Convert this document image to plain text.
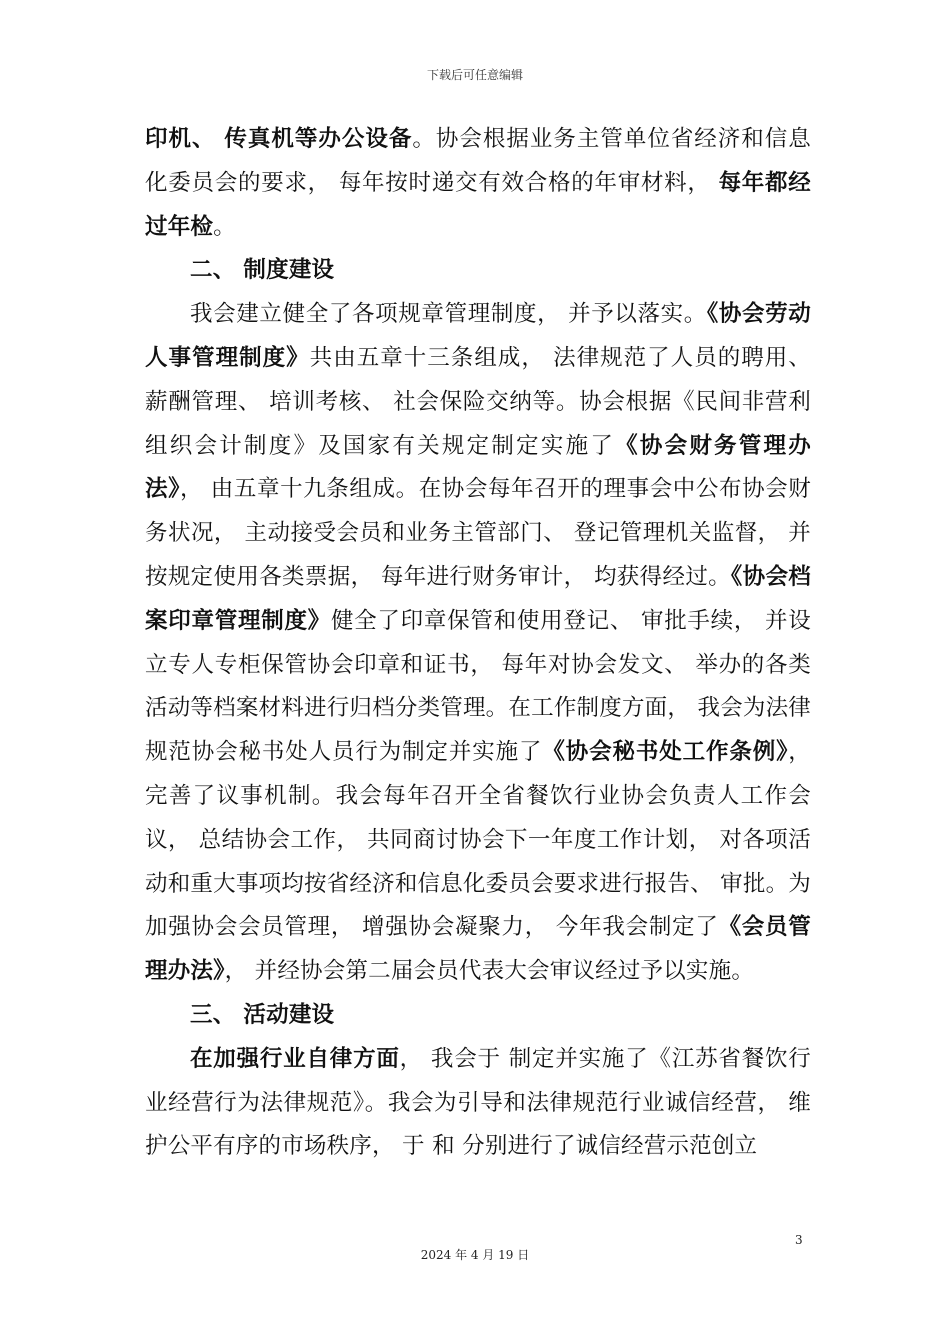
下载后可任意编辑

印机、 传真机等办公设备。协会根据业务主管单位省经济和信息化委员会的要求， 每年按时递交有效合格的年审材料， 每年都经过年检。

二、 制度建设

我会建立健全了各项规章管理制度， 并予以落实。《协会劳动人事管理制度》共由五章十三条组成， 法律规范了人员的聘用、 薪酬管理、 培训考核、 社会保险交纳等。协会根据《民间非营利组织会计制度》及国家有关规定制定实施了《协会财务管理办法》， 由五章十九条组成。在协会每年召开的理事会中公布协会财务状况， 主动接受会员和业务主管部门、 登记管理机关监督， 并按规定使用各类票据， 每年进行财务审计， 均获得经过。《协会档案印章管理制度》健全了印章保管和使用登记、 审批手续， 并设立专人专柜保管协会印章和证书， 每年对协会发文、 举办的各类活动等档案材料进行归档分类管理。在工作制度方面， 我会为法律规范协会秘书处人员行为制定并实施了《协会秘书处工作条例》， 完善了议事机制。我会每年召开全省餐饮行业协会负责人工作会议， 总结协会工作， 共同商讨协会下一年度工作计划， 对各项活动和重大事项均按省经济和信息化委员会要求进行报告、 审批。为加强协会会员管理， 增强协会凝聚力， 今年我会制定了《会员管理办法》， 并经协会第二届会员代表大会审议经过予以实施。

三、 活动建设

在加强行业自律方面， 我会于 制定并实施了《江苏省餐饮行业经营行为法律规范》。我会为引导和法律规范行业诚信经营， 维护公平有序的市场秩序， 于 和 分别进行了诚信经营示范创立

3
2024 年 4 月 19 日
